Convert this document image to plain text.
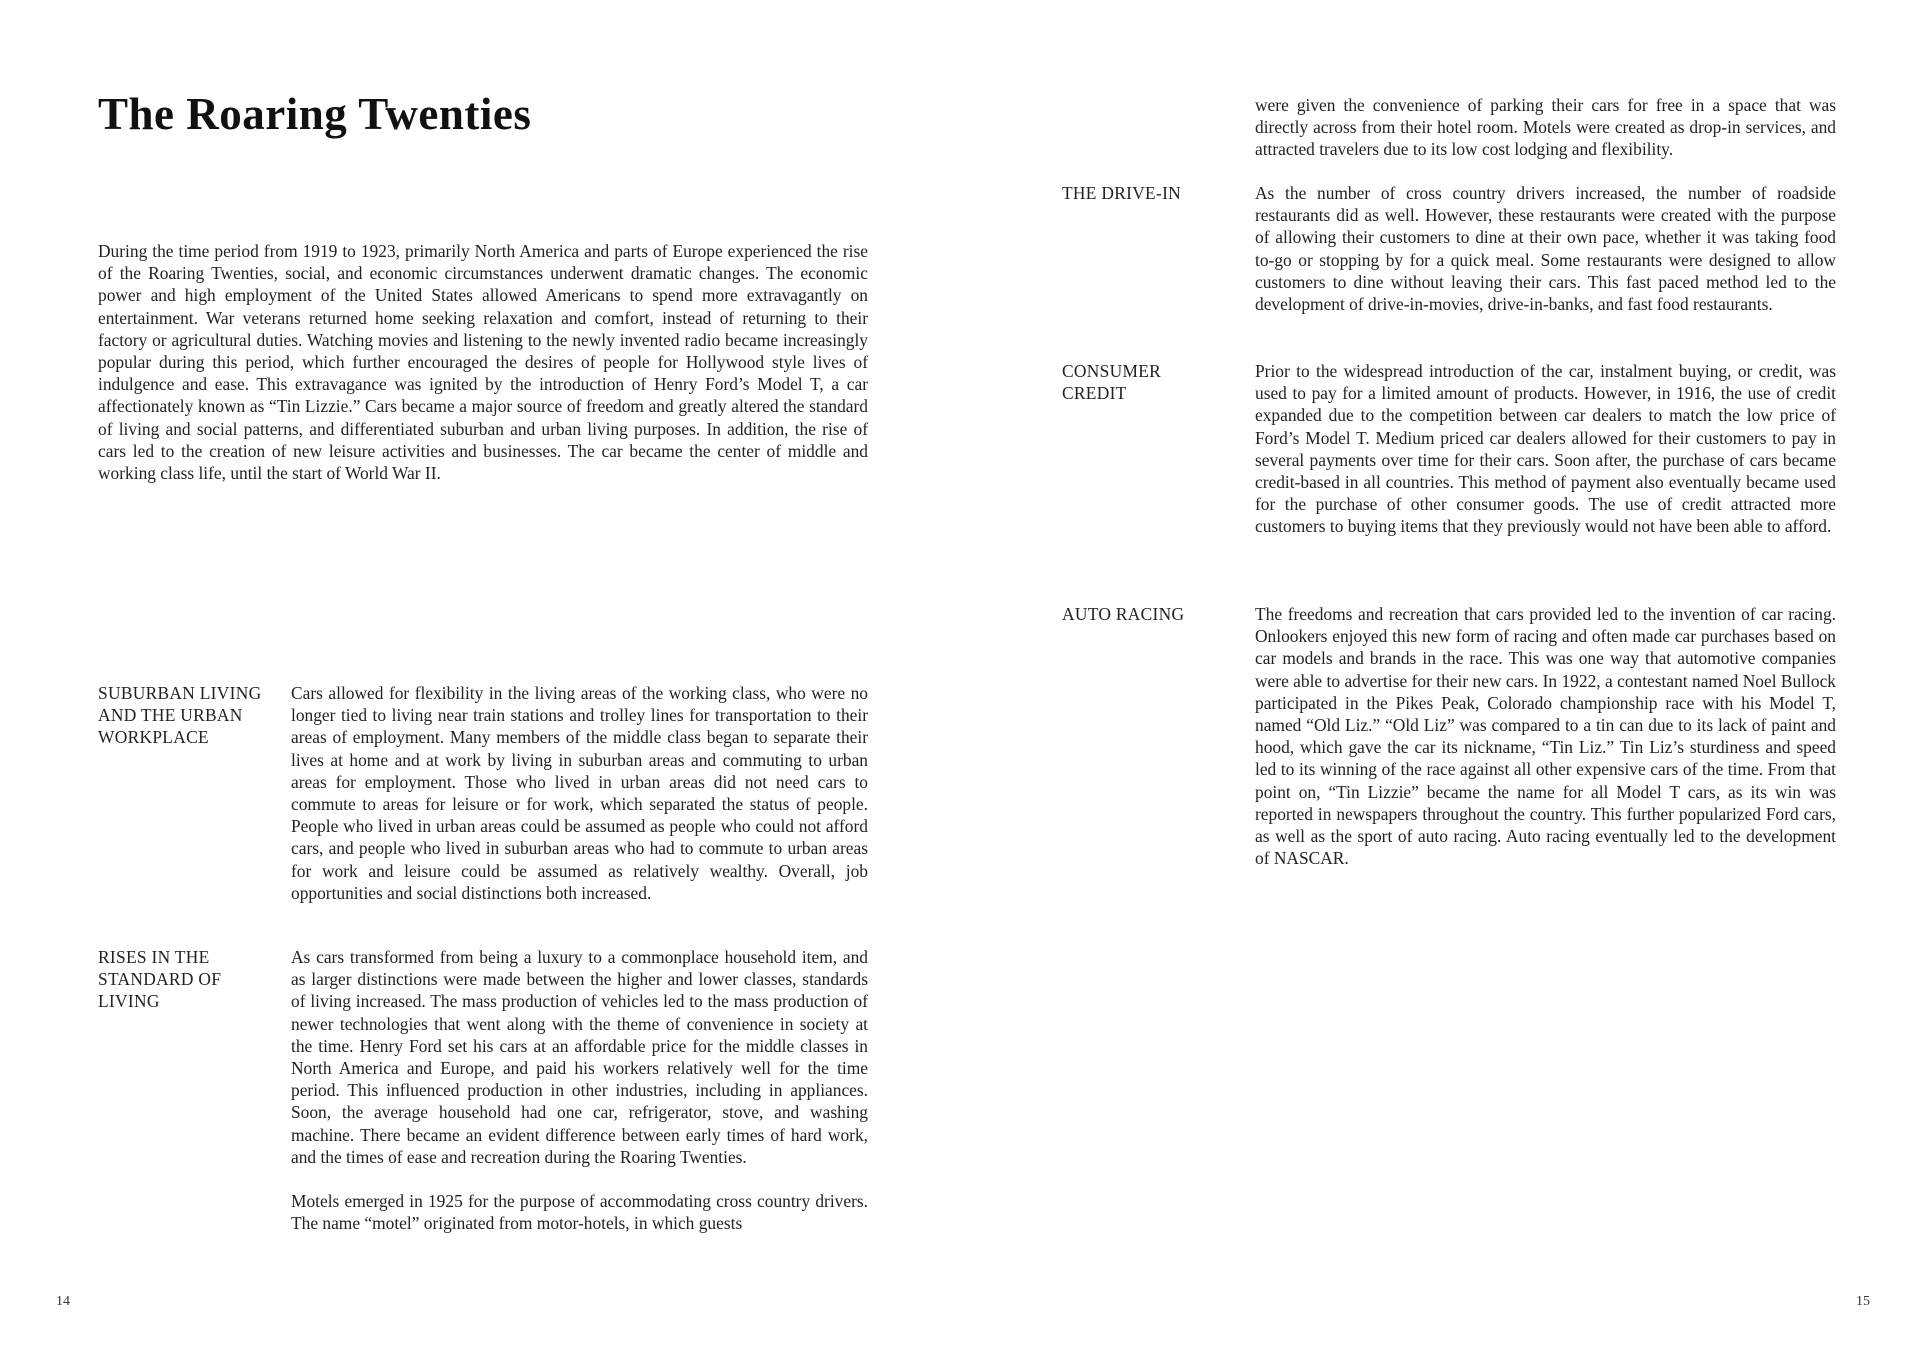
The Roaring Twenties

During the time period from 1919 to 1923, primarily North America and parts of Europe experienced the rise of the Roaring Twenties, social, and economic circumstances underwent dramatic changes. The economic power and high employment of the United States allowed Americans to spend more extravagantly on entertainment. War veterans returned home seeking relaxation and comfort, instead of returning to their factory or agricultural duties. Watching movies and listening to the newly invented radio became increasingly popular during this period, which further encouraged the desires of people for Hollywood style lives of indulgence and ease. This extravagance was ignited by the introduction of Henry Ford’s Model T, a car affectionately known as “Tin Lizzie.” Cars became a major source of freedom and greatly altered the standard of living and social patterns, and differentiated suburban and urban living purposes. In addition, the rise of cars led to the creation of new leisure activities and businesses. The car became the center of middle and working class life, until the start of World War II.

SUBURBAN LIVING AND THE URBAN WORKPLACE

Cars allowed for flexibility in the living areas of the working class, who were no longer tied to living near train stations and trolley lines for transportation to their areas of employment. Many members of the middle class began to separate their lives at home and at work by living in suburban areas and commuting to urban areas for employment. Those who lived in urban areas did not need cars to commute to areas for leisure or for work, which separated the status of people. People who lived in urban areas could be assumed as people who could not afford cars, and people who lived in suburban areas who had to commute to urban areas for work and leisure could be assumed as relatively wealthy. Overall, job opportunities and social distinctions both increased.

RISES IN THE STANDARD OF LIVING

As cars transformed from being a luxury to a commonplace household item, and as larger distinctions were made between the higher and lower classes, standards of living increased. The mass production of vehicles led to the mass production of newer technologies that went along with the theme of convenience in society at the time. Henry Ford set his cars at an affordable price for the middle classes in North America and Europe, and paid his workers relatively well for the time period. This influenced production in other industries, including in appliances. Soon, the average household had one car, refrigerator, stove, and washing machine. There became an evident difference between early times of hard work, and the times of ease and recreation during the Roaring Twenties.

Motels emerged in 1925 for the purpose of accommodating cross country drivers. The name “motel” originated from motor-hotels, in which guests

14

were given the convenience of parking their cars for free in a space that was directly across from their hotel room. Motels were created as drop-in services, and attracted travelers due to its low cost lodging and flexibility.

THE DRIVE-IN	As the number of cross country drivers increased, the number of roadside restaurants did as well. However, these restaurants were created with the purpose of allowing their customers to dine at their own pace, whether it was taking food to-go or stopping by for a quick meal. Some restaurants were designed to allow customers to dine without leaving their cars. This fast paced method led to the development of drive-in-movies, drive-in-banks, and fast food restaurants.

CONSUMER CREDIT

Prior to the widespread introduction of the car, instalment buying, or credit, was used to pay for a limited amount of products. However, in 1916, the use of credit expanded due to the competition between car dealers to match the low price of Ford’s Model T. Medium priced car dealers allowed for their customers to pay in several payments over time for their cars. Soon after, the purchase of cars became credit-based in all countries. This method of payment also eventually became used for the purchase of other consumer goods. The use of credit attracted more customers to buying items that they previously would not have been able to afford.

AUTO RACING	The freedoms and recreation that cars provided led to the invention of car racing. Onlookers enjoyed this new form of racing and often made car purchases based on car models and brands in the race. This was one way that automotive companies were able to advertise for their new cars. In 1922, a contestant named Noel Bullock participated in the Pikes Peak, Colorado championship race with his Model T, named “Old Liz.” “Old Liz” was compared to a tin can due to its lack of paint and hood, which gave the car its nickname, “Tin Liz.” Tin Liz’s sturdiness and speed led to its winning of the race against all other expensive cars of the time. From that point on, “Tin Lizzie” became the name for all Model T cars, as its win was reported in newspapers throughout the country. This further popularized Ford cars, as well as the sport of auto racing. Auto racing eventually led to the development of NASCAR.

15
